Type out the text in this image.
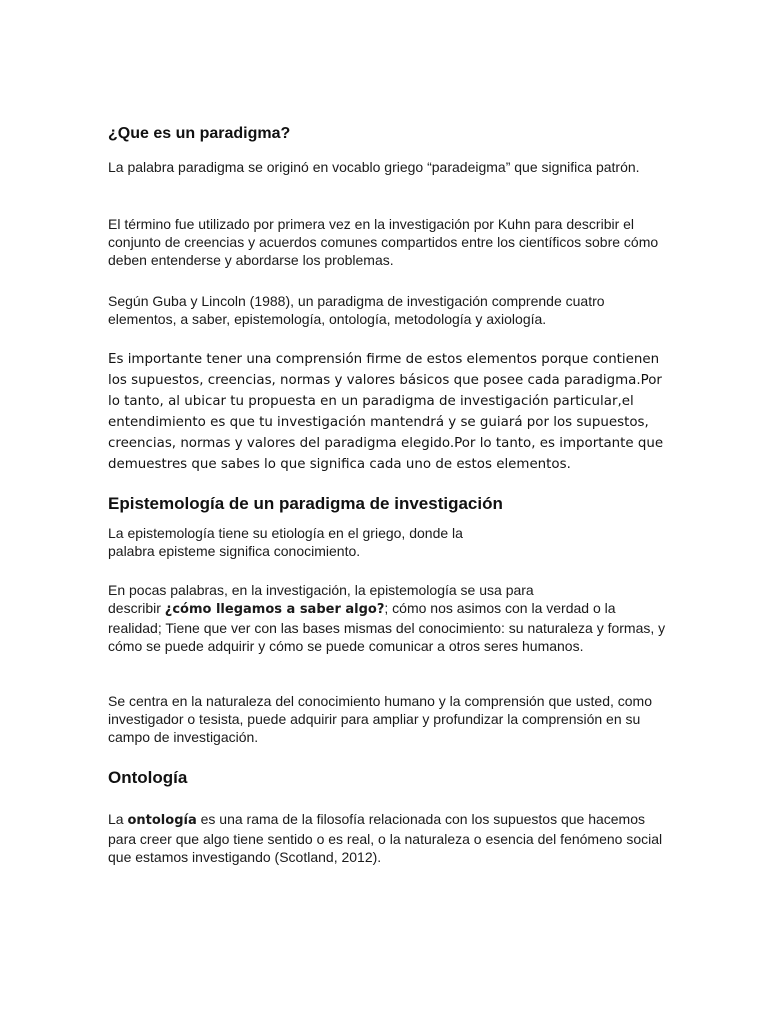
¿Que es un paradigma?

La palabra paradigma se originó en vocablo griego “paradeigma” que significa patrón.

El término fue utilizado por primera vez en la investigación por Kuhn para describir el conjunto de creencias y acuerdos comunes compartidos entre los científicos sobre cómo deben entenderse y abordarse los problemas.

Según Guba y Lincoln (1988), un paradigma de investigación comprende cuatro elementos, a saber, epistemología, ontología, metodología y axiología.

Es importante tener una comprensión firme de estos elementos porque contienen los supuestos, creencias, normas y valores básicos que posee cada paradigma.Por lo tanto, al ubicar tu propuesta en un paradigma de investigación particular,el entendimiento es que tu investigación mantendrá y se guiará por los supuestos, creencias, normas y valores del paradigma elegido.Por lo tanto, es importante que demuestres que sabes lo que significa cada uno de estos elementos.

Epistemología de un paradigma de investigación

La epistemología tiene su etiología en el griego, donde la
palabra episteme significa conocimiento.

En pocas palabras, en la investigación, la epistemología se usa para
describir ¿cómo llegamos a saber algo?; cómo nos asimos con la verdad o la realidad; Tiene que ver con las bases mismas del conocimiento: su naturaleza y formas, y cómo se puede adquirir y cómo se puede comunicar a otros seres humanos.

Se centra en la naturaleza del conocimiento humano y la comprensión que usted, como investigador o tesista, puede adquirir para ampliar y profundizar la comprensión en su campo de investigación.

Ontología

La ontología es una rama de la filosofía relacionada con los supuestos que hacemos para creer que algo tiene sentido o es real, o la naturaleza o esencia del fenómeno social que estamos investigando (Scotland, 2012).
